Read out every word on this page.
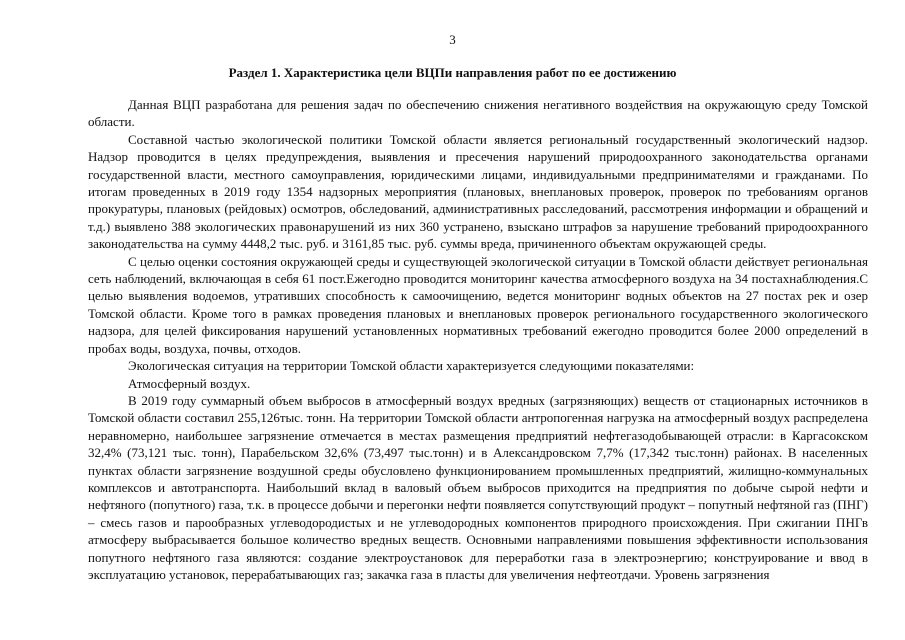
3
Раздел 1. Характеристика цели ВЦПи направления работ по ее достижению

Данная ВЦП разработана для решения задач по обеспечению снижения негативного воздействия на окружающую среду Томской области.

Составной частью экологической политики Томской области является региональный государственный экологический надзор. Надзор проводится в целях предупреждения, выявления и пресечения нарушений природоохранного законодательства органами государственной власти, местного самоуправления, юридическими лицами, индивидуальными предпринимателями и гражданами. По итогам проведенных в 2019 году 1354 надзорных мероприятия (плановых, внеплановых проверок, проверок по требованиям органов прокуратуры, плановых (рейдовых) осмотров, обследований, административных расследований, рассмотрения информации и обращений и т.д.) выявлено 388 экологических правонарушений из них 360 устранено, взыскано штрафов за нарушение требований природоохранного законодательства на сумму 4448,2 тыс. руб. и 3161,85 тыс. руб. суммы вреда, причиненного объектам окружающей среды.

С целью оценки состояния окружающей среды и существующей экологической ситуации в Томской области действует региональная сеть наблюдений, включающая в себя 61 пост.Ежегодно проводится мониторинг качества атмосферного воздуха на 34 постахнаблюдения.С целью выявления водоемов, утративших способность к самоочищению, ведется мониторинг водных объектов на 27 постах рек и озер Томской области. Кроме того в рамках проведения плановых и внеплановых проверок регионального государственного экологического надзора, для целей фиксирования нарушений установленных нормативных требований ежегодно проводится более 2000 определений в пробах воды, воздуха, почвы, отходов.

Экологическая ситуация на территории Томской области характеризуется следующими показателями:

Атмосферный воздух.

В 2019 году суммарный объем выбросов в атмосферный воздух вредных (загрязняющих) веществ от стационарных источников в Томской области составил 255,126тыс. тонн. На территории Томской области антропогенная нагрузка на атмосферный воздух распределена неравномерно, наибольшее загрязнение отмечается в местах размещения предприятий нефтегазодобывающей отрасли: в Каргасокском 32,4% (73,121 тыс. тонн), Парабельском 32,6% (73,497 тыс.тонн) и в Александровском 7,7% (17,342 тыс.тонн) районах. В населенных пунктах области загрязнение воздушной среды обусловлено функционированием промышленных предприятий, жилищно-коммунальных комплексов и автотранспорта. Наибольший вклад в валовый объем выбросов приходится на предприятия по добыче сырой нефти и нефтяного (попутного) газа, т.к. в процессе добычи и перегонки нефти появляется сопутствующий продукт – попутный нефтяной газ (ПНГ) – смесь газов и парообразных углеводородистых и не углеводородных компонентов природного происхождения. При сжигании ПНГв атмосферу выбрасывается большое количество вредных веществ. Основными направлениями повышения эффективности использования попутного нефтяного газа являются: создание электроустановок для переработки газа в электроэнергию; конструирование и ввод в эксплуатацию установок, перерабатывающих газ; закачка газа в пласты для увеличения нефтеотдачи. Уровень загрязнения
